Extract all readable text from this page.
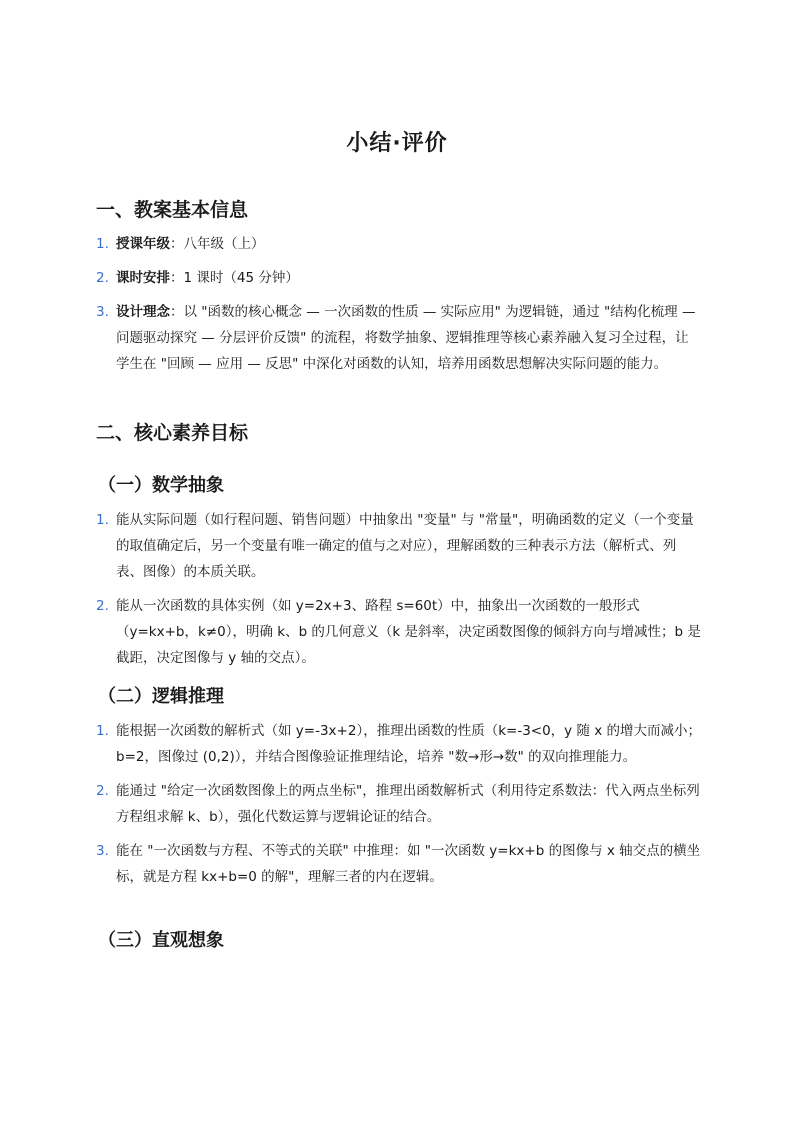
小结·评价
一、教案基本信息
1. 授课年级：八年级（上）
2. 课时安排：1 课时（45 分钟）
3. 设计理念：以 "函数的核心概念 — 一次函数的性质 — 实际应用" 为逻辑链，通过 "结构化梳理 — 问题驱动探究 — 分层评价反馈" 的流程，将数学抽象、逻辑推理等核心素养融入复习全过程，让学生在 "回顾 — 应用 — 反思" 中深化对函数的认知，培养用函数思想解决实际问题的能力。
二、核心素养目标
（一）数学抽象
1. 能从实际问题（如行程问题、销售问题）中抽象出 "变量" 与 "常量"，明确函数的定义（一个变量的取值确定后，另一个变量有唯一确定的值与之对应），理解函数的三种表示方法（解析式、列表、图像）的本质关联。
2. 能从一次函数的具体实例（如 y=2x+3、路程 s=60t）中，抽象出一次函数的一般形式（y=kx+b，k≠0），明确 k、b 的几何意义（k 是斜率，决定函数图像的倾斜方向与增减性；b 是截距，决定图像与 y 轴的交点）。
（二）逻辑推理
1. 能根据一次函数的解析式（如 y=-3x+2），推理出函数的性质（k=-3<0，y 随 x 的增大而减小；b=2，图像过 (0,2)），并结合图像验证推理结论，培养 "数→形→数" 的双向推理能力。
2. 能通过 "给定一次函数图像上的两点坐标"，推理出函数解析式（利用待定系数法：代入两点坐标列方程组求解 k、b），强化代数运算与逻辑论证的结合。
3. 能在 "一次函数与方程、不等式的关联" 中推理：如 "一次函数 y=kx+b 的图像与 x 轴交点的横坐标，就是方程 kx+b=0 的解"，理解三者的内在逻辑。
（三）直观想象
